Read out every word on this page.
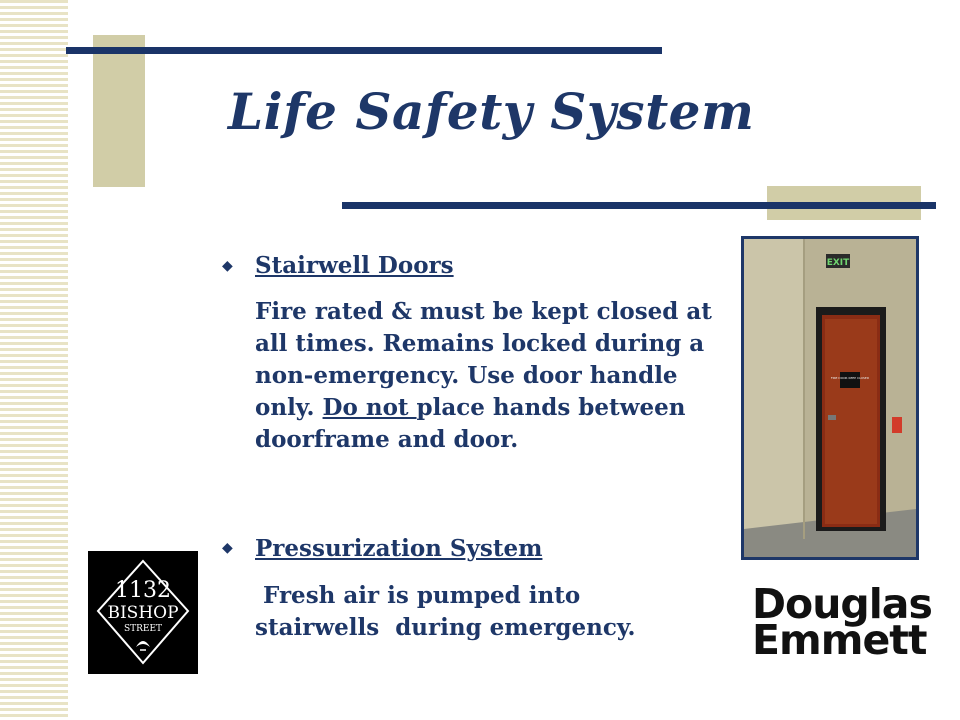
Life Safety System
◆ Stairwell Doors
Fire rated & must be kept closed at all times. Remains locked during a non-emergency. Use door handle only. Do not place hands between doorframe and door.
◆ Pressurization System
Fresh air is pumped into stairwells  during emergency.
FIRE DOOR KEEP CLOSED
EXIT
1132
BISHOP
STREET
Douglas
Emmett
